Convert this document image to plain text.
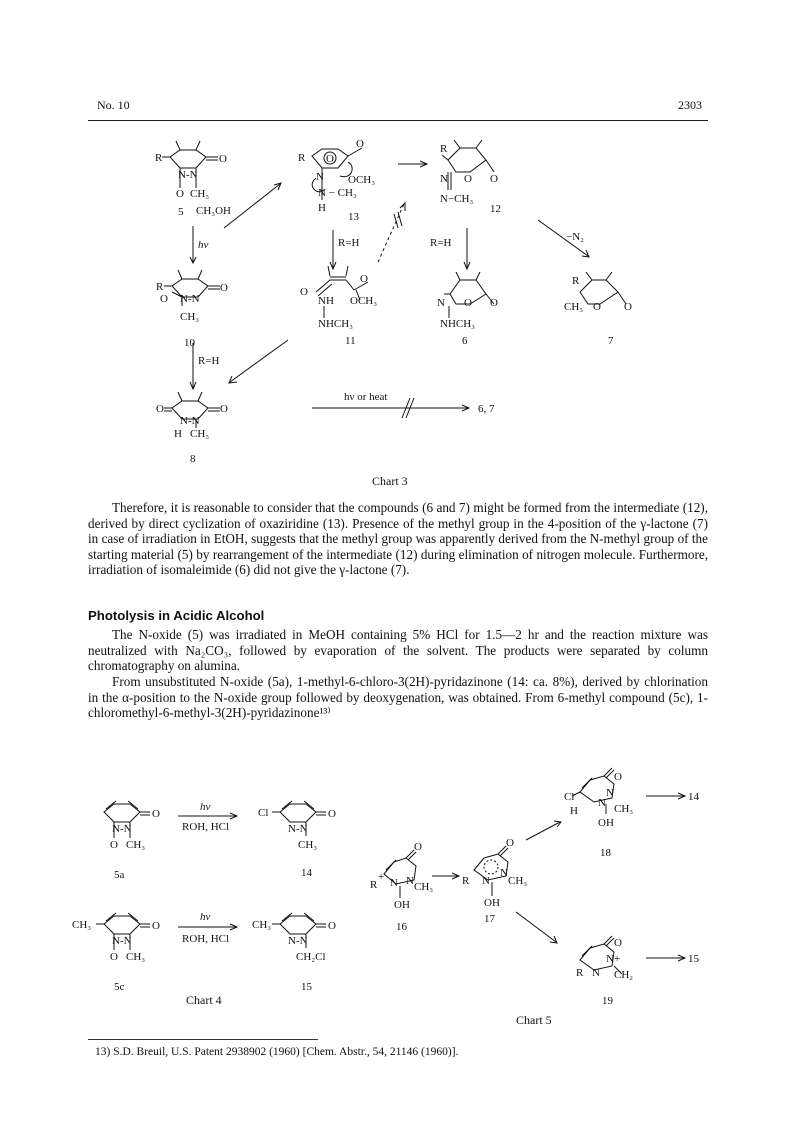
No. 10	2303
R	O
N-N
O CH₃
5 CH₃OH
hν
R
O
O
N OCH₃
N − CH₃
H
13
R=H
R
N O O
N−CH₃
12
R=H	−N₂
R	O
O N-N
CH₃
10
R=H
O
O
NH OCH₃
NHCH₃
11
N O O
NHCH₃
6
R
CH₃ O O
7
O	O
N-N
H CH₃
8
hν or heat
6, 7
Chart 3

Therefore, it is reasonable to consider that the compounds (6 and 7) might be formed from the intermediate (12), derived by direct cyclization of oxaziridine (13). Presence of the methyl group in the 4-position of the γ-lactone (7) in case of irradiation in EtOH, suggests that the methyl group was apparently derived from the N-methyl group of the starting material (5) by rearrangement of the intermediate (12) during elimination of nitrogen molecule. Furthermore, irradiation of isomaleimide (6) did not give the γ-lactone (7).

Photolysis in Acidic Alcohol

The N-oxide (5) was irradiated in MeOH containing 5% HCl for 1.5—2 hr and the reaction mixture was neutralized with Na₂CO₃, followed by evaporation of the solvent. The products were separated by column chromatography on alumina.

From unsubstituted N-oxide (5a), 1-methyl-6-chloro-3(2H)-pyridazinone (14: ca. 8%), derived by chlorination in the α-position to the N-oxide group followed by deoxygenation, was obtained. From 6-methyl compound (5c), 1-chloromethyl-6-methyl-3(2H)-pyridazinone¹³⁾

O
N-N
O CH₃
5a
hν
ROH, HCl
Cl	O
N-N
CH₃
14
CH₃	O
N-N
O CH₃
5c
hν
ROH, HCl
CH₃	O
N-N
CH₂Cl
15
Chart 4
O
R
+ N N CH₃
OH
16
O
R N
N
CH₃
OH
17
O
Cl
H
N
N
CH₃
OH
18
14
O
R N
N+
CH₂
19
15
Chart 5
13) S.D. Breuil, U.S. Patent 2938902 (1960) [Chem. Abstr., 54, 21146 (1960)].
